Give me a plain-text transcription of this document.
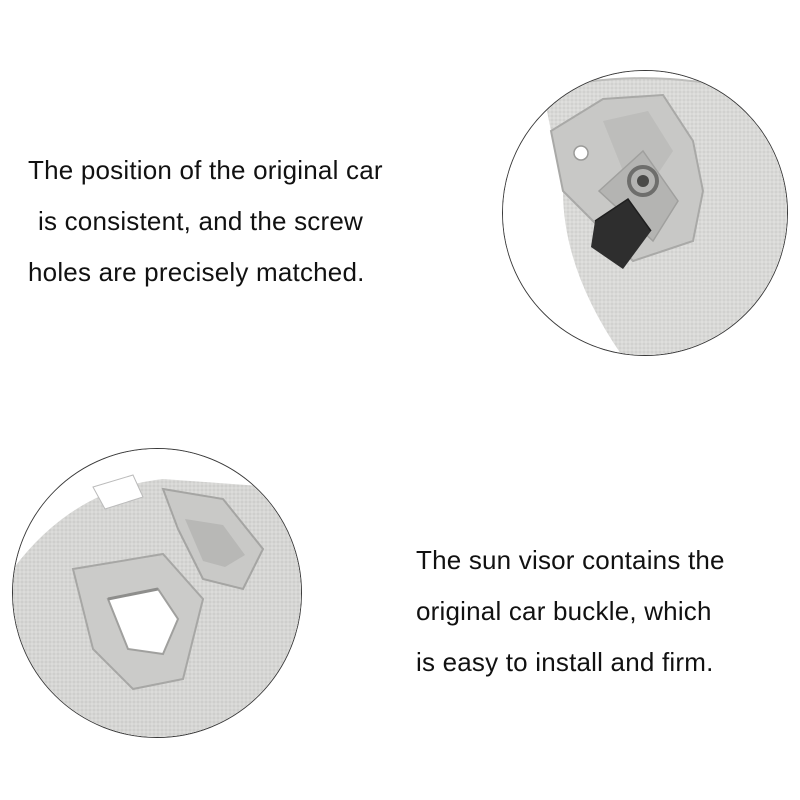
The position of the original car
is consistent, and the screw
holes are precisely matched.

The sun visor contains the
original car buckle, which
is easy to install and firm.
